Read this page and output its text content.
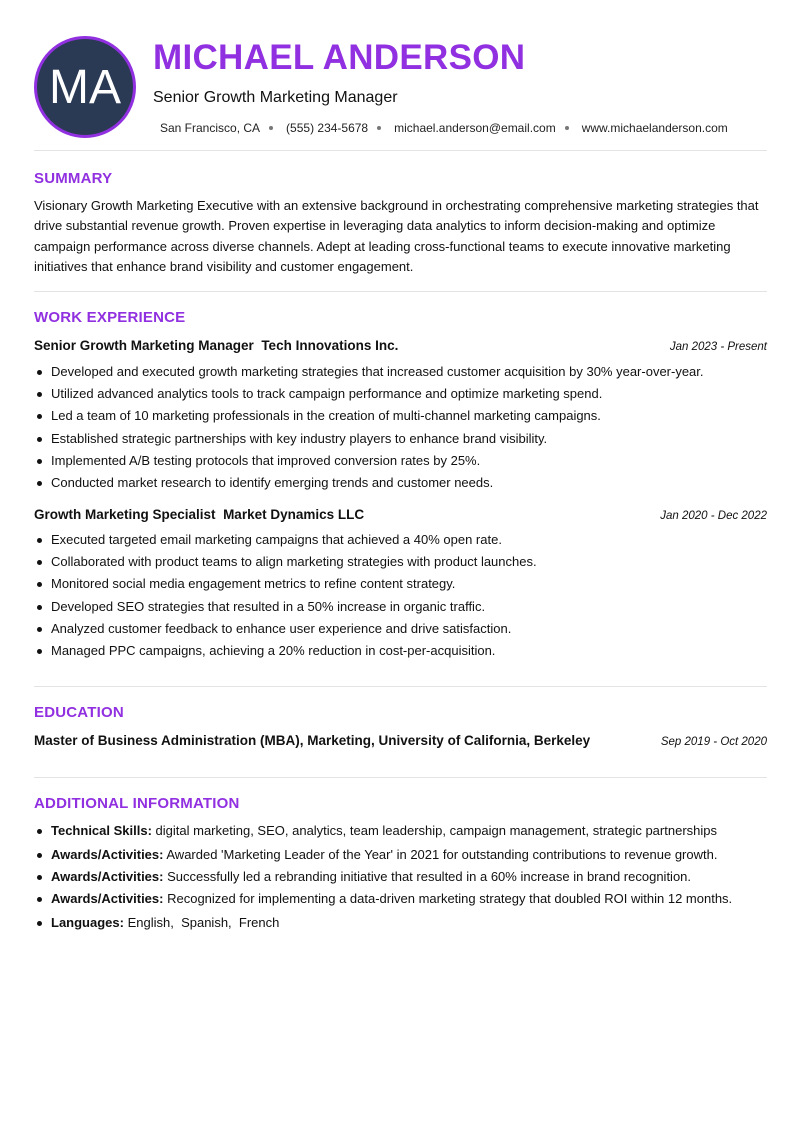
MA
MICHAEL ANDERSON
Senior Growth Marketing Manager
San Francisco, CA (555) 234-5678 michael.anderson@email.com www.michaelanderson.com
SUMMARY
Visionary Growth Marketing Executive with an extensive background in orchestrating comprehensive marketing strategies that drive substantial revenue growth. Proven expertise in leveraging data analytics to inform decision-making and optimize campaign performance across diverse channels. Adept at leading cross-functional teams to execute innovative marketing initiatives that enhance brand visibility and customer engagement.
WORK EXPERIENCE
Senior Growth Marketing Manager Tech Innovations Inc.	Jan 2023 - Present
Developed and executed growth marketing strategies that increased customer acquisition by 30% year-over-year.
Utilized advanced analytics tools to track campaign performance and optimize marketing spend.
Led a team of 10 marketing professionals in the creation of multi-channel marketing campaigns.
Established strategic partnerships with key industry players to enhance brand visibility.
Implemented A/B testing protocols that improved conversion rates by 25%.
Conducted market research to identify emerging trends and customer needs.
Growth Marketing Specialist Market Dynamics LLC	Jan 2020 - Dec 2022
Executed targeted email marketing campaigns that achieved a 40% open rate.
Collaborated with product teams to align marketing strategies with product launches.
Monitored social media engagement metrics to refine content strategy.
Developed SEO strategies that resulted in a 50% increase in organic traffic.
Analyzed customer feedback to enhance user experience and drive satisfaction.
Managed PPC campaigns, achieving a 20% reduction in cost-per-acquisition.
EDUCATION
Master of Business Administration (MBA), Marketing, University of California, Berkeley	Sep 2019 - Oct 2020
ADDITIONAL INFORMATION
Technical Skills: digital marketing, SEO, analytics, team leadership, campaign management, strategic partnerships
Awards/Activities: Awarded 'Marketing Leader of the Year' in 2021 for outstanding contributions to revenue growth.
Awards/Activities: Successfully led a rebranding initiative that resulted in a 60% increase in brand recognition.
Awards/Activities: Recognized for implementing a data-driven marketing strategy that doubled ROI within 12 months.
Languages: English,  Spanish,  French
